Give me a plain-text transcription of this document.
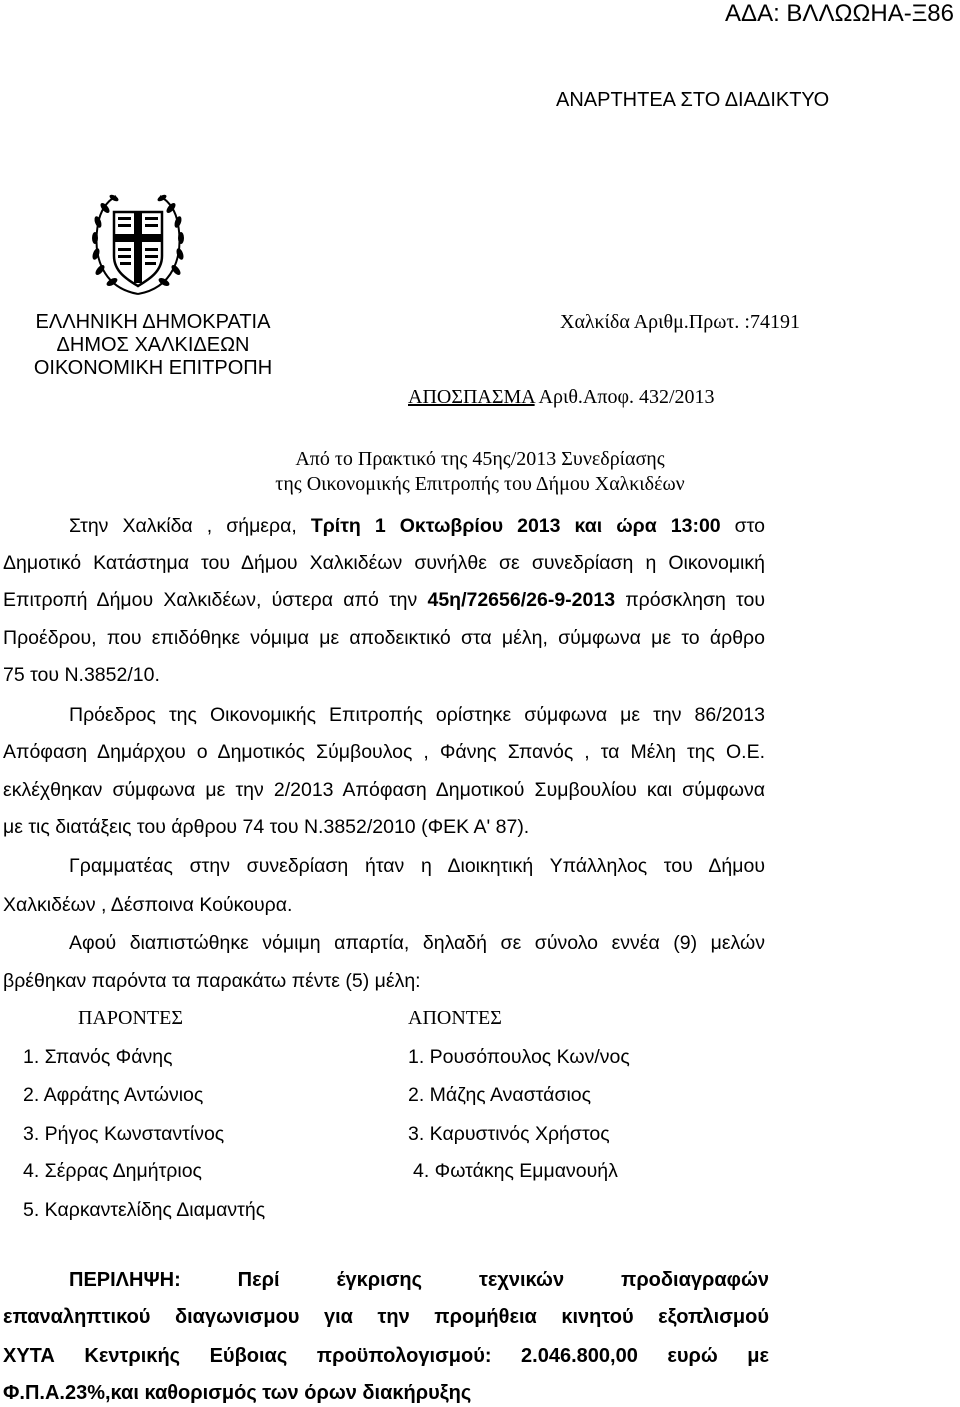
ΑΔΑ: ΒΛΛΩΩΗΑ-Ξ86
ΑΝΑΡΤΗΤΕΑ ΣΤΟ ΔΙΑΔΙΚΤΥΟ
ΕΛΛΗΝΙΚΗ ΔΗΜΟΚΡΑΤΙΑ
ΔΗΜΟΣ ΧΑΛΚΙΔΕΩΝ
ΟΙΚΟΝΟΜΙΚΗ ΕΠΙΤΡΟΠΗ
Χαλκίδα Αριθμ.Πρωτ. :74191
ΑΠΟΣΠΑΣΜΑ Αριθ.Αποφ. 432/2013
Από το Πρακτικό της 45ης/2013 Συνεδρίασης
της Οικονομικής Επιτροπής του Δήμου Χαλκιδέων
Στην Χαλκίδα , σήμερα, Τρίτη 1 Οκτωβρίου 2013 και ώρα 13:00 στο
Δημοτικό Κατάστημα του Δήμου Χαλκιδέων συνήλθε σε συνεδρίαση η Οικονομική
Επιτροπή Δήμου Χαλκιδέων, ύστερα από την 45η/72656/26-9-2013 πρόσκληση του
Προέδρου, που επιδόθηκε νόμιμα με αποδεικτικό στα μέλη, σύμφωνα με το άρθρο
75 του Ν.3852/10.
Πρόεδρος της Οικονομικής Επιτροπής ορίστηκε σύμφωνα με την 86/2013
Απόφαση Δημάρχου ο Δημοτικός Σύμβουλος , Φάνης Σπανός , τα Μέλη της Ο.Ε.
εκλέχθηκαν σύμφωνα με την 2/2013 Απόφαση Δημοτικού Συμβουλίου και σύμφωνα
με τις διατάξεις του άρθρου 74 του Ν.3852/2010 (ΦΕΚ Α' 87).
Γραμματέας στην συνεδρίαση ήταν η Διοικητική Υπάλληλος του Δήμου
Χαλκιδέων , Δέσποινα Κούκουρα.
Αφού διαπιστώθηκε νόμιμη απαρτία, δηλαδή σε σύνολο εννέα (9) μελών
βρέθηκαν παρόντα τα παρακάτω πέντε (5) μέλη:
ΠΑΡΟΝΤΕΣ	ΑΠΟΝΤΕΣ
1. Σπανός Φάνης
2. Αφράτης Αντώνιος
3. Ρήγος Κωνσταντίνος
4. Σέρρας Δημήτριος
5. Καρκαντελίδης Διαμαντής
1. Ρουσόπουλος Κων/νος
2. Μάζης Αναστάσιος
3. Καρυστινός Χρήστος
4. Φωτάκης Εμμανουήλ
ΠΕΡΙΛΗΨΗ: Περί έγκρισης τεχνικών προδιαγραφών
επαναληπτικού διαγωνισμου για την προμήθεια κινητού εξοπλισμού
ΧΥΤΑ Κεντρικής Εύβοιας προϋπολογισμού: 2.046.800,00 ευρώ με
Φ.Π.Α.23%,και καθορισμός των όρων διακήρυξης
